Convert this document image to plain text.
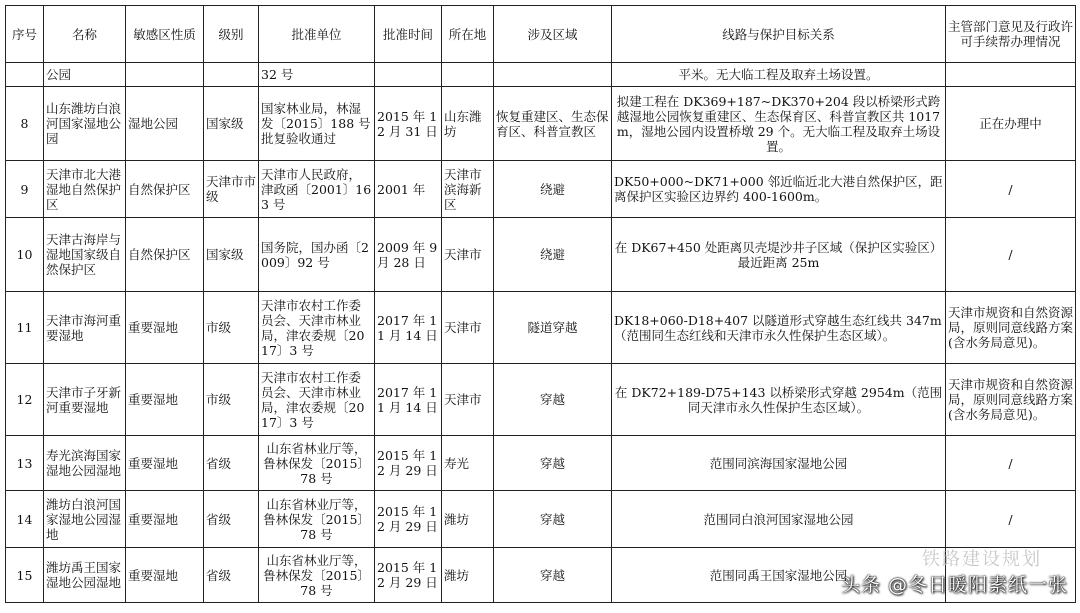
序号	名称	敏感区性质	级别	批准单位	批准时间	所在地	涉及区域	线路与保护目标关系	主管部门意见及行政许可手续帮办理情况
	公园			32 号				平米。无大临工程及取弃土场设置。	
8	山东潍坊白浪河国家湿地公园	湿地公园	国家级	国家林业局，林湿发〔2015〕188 号批复验收通过	2015 年 12 月 31 日	山东潍坊	恢复重建区、生态保育区、科普宣教区	拟建工程在 DK369+187~DK370+204 段以桥梁形式跨越湿地公园恢复重建区、生态保育区、科普宣教区共 1017m，湿地公园内设置桥墩 29 个。无大临工程及取弃土场设置。	正在办理中
9	天津市北大港湿地自然保护区	自然保护区	天津市市级	天津市人民政府，津政函〔2001〕163 号	2001 年	天津市滨海新区	绕避	DK50+000~DK71+000 邻近临近北大港自然保护区，距离保护区实验区边界约 400-1600m。	/
10	天津古海岸与湿地国家级自然保护区	自然保护区	国家级	国务院，国办函〔2009〕92 号	2009 年 9 月 28 日	天津市	绕避	在 DK67+450 处距离贝壳堤沙井子区域（保护区实验区）最近距离 25m	/
11	天津市海河重要湿地	重要湿地	市级	天津市农村工作委员会、天津市林业局，津农委规〔2017〕3 号	2017 年 11 月 14 日	天津市	隧道穿越	DK18+060-D18+407 以隧道形式穿越生态红线共 347m（范围同生态红线和天津市永久性保护生态区域）。	天津市规资和自然资源局，原则同意线路方案(含水务局意见)。
12	天津市子牙新河重要湿地	重要湿地	市级	天津市农村工作委员会、天津市林业局，津农委规〔2017〕3 号	2017 年 11 月 14 日	天津市	穿越	在 DK72+189-D75+143 以桥梁形式穿越 2954m（范围同天津市永久性保护生态区域）。	天津市规资和自然资源局，原则同意线路方案(含水务局意见)。
13	寿光滨海国家湿地公园湿地	重要湿地	省级	山东省林业厅等，鲁林保发〔2015〕78 号	2015 年 12 月 29 日	寿光	穿越	范围同滨海国家湿地公园	/
14	潍坊白浪河国家湿地公园湿地	重要湿地	省级	山东省林业厅等，鲁林保发〔2015〕78 号	2015 年 12 月 29 日	潍坊	穿越	范围同白浪河国家湿地公园	/
15	潍坊禹王国家湿地公园湿地	重要湿地	省级	山东省林业厅等，鲁林保发〔2015〕78 号	2015 年 12 月 29 日	潍坊	穿越	范围同禹王国家湿地公园	
铁路建设规划
头条 @冬日暖阳素纸一张
